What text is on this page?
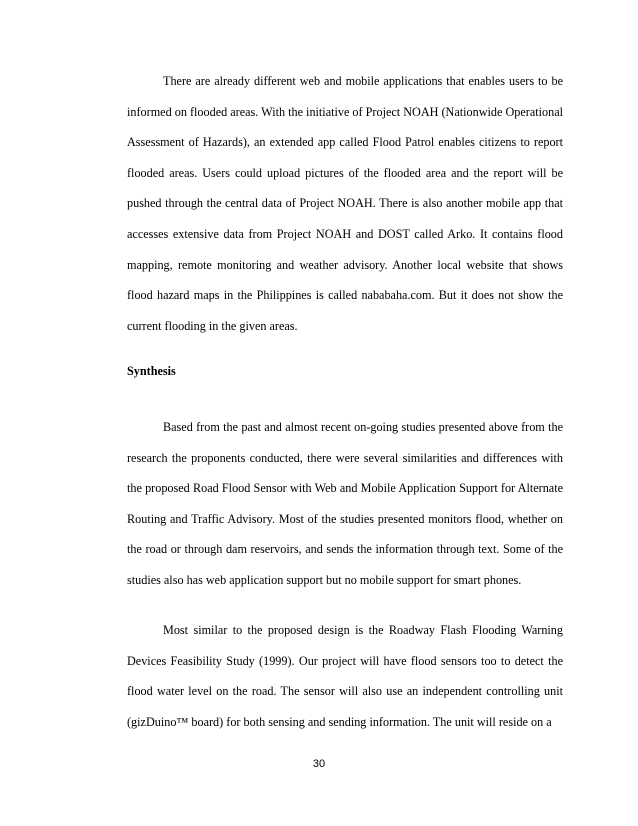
There are already different web and mobile applications that enables users to be informed on flooded areas. With the initiative of Project NOAH (Nationwide Operational Assessment of Hazards), an extended app called Flood Patrol enables citizens to report flooded areas. Users could upload pictures of the flooded area and the report will be pushed through the central data of Project NOAH. There is also another mobile app that accesses extensive data from Project NOAH and DOST called Arko. It contains flood mapping, remote monitoring and weather advisory. Another local website that shows flood hazard maps in the Philippines is called nababaha.com. But it does not show the current flooding in the given areas.

Synthesis

Based from the past and almost recent on-going studies presented above from the research the proponents conducted, there were several similarities and differences with the proposed Road Flood Sensor with Web and Mobile Application Support for Alternate Routing and Traffic Advisory. Most of the studies presented monitors flood, whether on the road or through dam reservoirs, and sends the information through text. Some of the studies also has web application support but no mobile support for smart phones.

Most similar to the proposed design is the Roadway Flash Flooding Warning Devices Feasibility Study (1999). Our project will have flood sensors too to detect the flood water level on the road. The sensor will also use an independent controlling unit (gizDuino™ board) for both sensing and sending information. The unit will reside on a

30
